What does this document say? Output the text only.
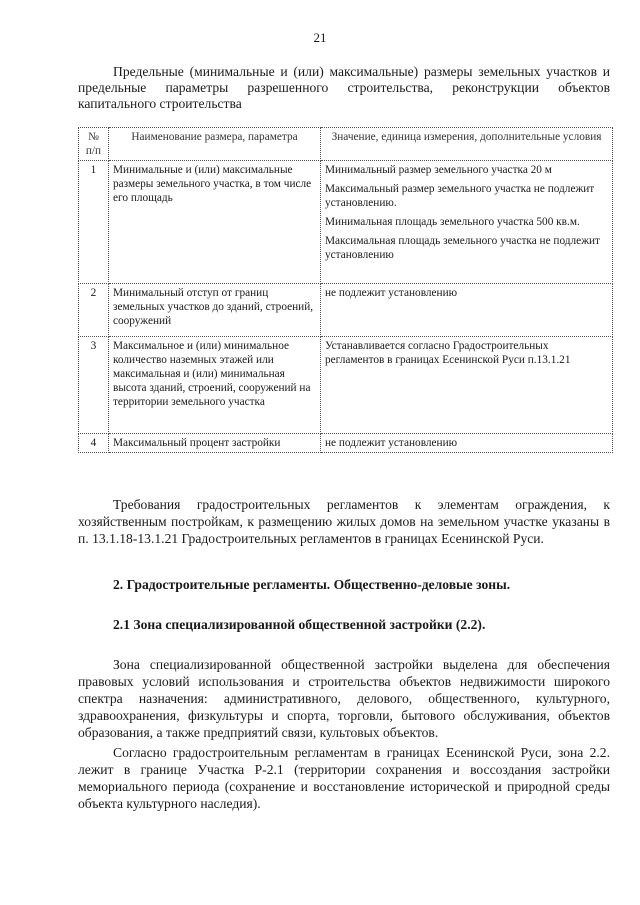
21

Предельные (минимальные и (или) максимальные) размеры земельных участков и предельные параметры разрешенного строительства, реконструкции объектов капитального строительства

№ п/п	Наименование размера, параметра	Значение, единица измерения, дополнительные условия
1	Минимальные и (или) максимальные размеры земельного участка, в том числе его площадь	Минимальный размер земельного участка 20 м

Максимальный размер земельного участка не подлежит установлению.

Минимальная площадь земельного участка 500 кв.м.

Максимальная площадь земельного участка не подлежит установлению

2	Минимальный отступ от границ земельных участков до зданий, строений, сооружений	не подлежит установлению

3	Максимальное и (или) минимальное количество наземных этажей или максимальная и (или) минимальная высота зданий, строений, сооружений на территории земельного участка	Устанавливается согласно Градостроительных регламентов в границах Есенинской Руси п.13.1.21

4	Максимальный процент застройки	не подлежит установлению

Требования градостроительных регламентов к элементам ограждения, к хозяйственным постройкам, к размещению жилых домов на земельном участке указаны в п. 13.1.18-13.1.21 Градостроительных регламентов в границах Есенинской Руси.

2. Градостроительные регламенты. Общественно-деловые зоны.
2.1 Зона специализированной общественной застройки (2.2).

Зона специализированной общественной застройки выделена для обеспечения правовых условий использования и строительства объектов недвижимости широкого спектра назначения: административного, делового, общественного, культурного, здравоохранения, физкультуры и спорта, торговли, бытового обслуживания, объектов образования, а также предприятий связи, культовых объектов.

Согласно градостроительным регламентам в границах Есенинской Руси, зона 2.2. лежит в границе Участка Р-2.1 (территории сохранения и воссоздания застройки мемориального периода (сохранение и восстановление исторической и природной среды объекта культурного наследия).
